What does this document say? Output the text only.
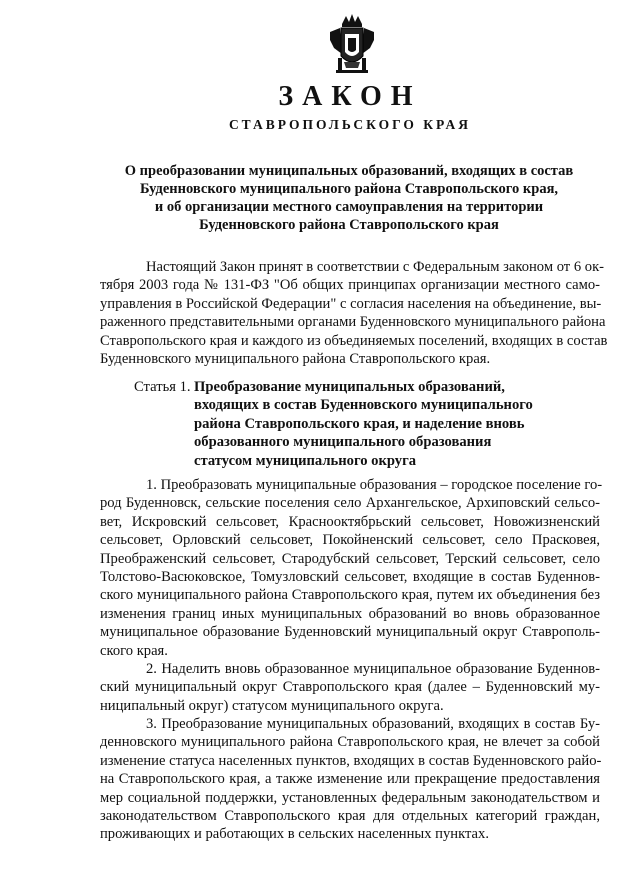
ЗАКОН
СТАВРОПОЛЬСКОГО КРАЯ
О преобразовании муниципальных образований, входящих в состав
Буденновского муниципального района Ставропольского края,
и об организации местного самоуправления на территории
Буденновского района Ставропольского края
Настоящий Закон принят в соответствии с Федеральным законом от 6 ок-
тября 2003 года № 131-ФЗ "Об общих принципах организации местного само-
управления в Российской Федерации" с согласия населения на объединение, вы-
раженного представительными органами Буденновского муниципального района
Ставропольского края и каждого из объединяемых поселений, входящих в состав
Буденновского муниципального района Ставропольского края.
Статья 1. Преобразование муниципальных образований,
входящих в состав Буденновского муниципального
района Ставропольского края, и наделение вновь
образованного муниципального образования
статусом муниципального округа
1. Преобразовать муниципальные образования – городское поселение го-
род Буденновск, сельские поселения село Архангельское, Архиповский сельсо-
вет, Искровский сельсовет, Краснооктябрьский сельсовет, Новожизненский
сельсовет, Орловский сельсовет, Покойненский сельсовет, село Прасковея,
Преображенский сельсовет, Стародубский сельсовет, Терский сельсовет, село
Толстово-Васюковское, Томузловский сельсовет, входящие в состав Буденнов-
ского муниципального района Ставропольского края, путем их объединения без
изменения границ иных муниципальных образований во вновь образованное
муниципальное образование Буденновский муниципальный округ Ставрополь-
ского края.
2. Наделить вновь образованное муниципальное образование Буденнов-
ский муниципальный округ Ставропольского края (далее – Буденновский му-
ниципальный округ) статусом муниципального округа.
3. Преобразование муниципальных образований, входящих в состав Бу-
денновского муниципального района Ставропольского края, не влечет за собой
изменение статуса населенных пунктов, входящих в состав Буденновского райо-
на Ставропольского края, а также изменение или прекращение предоставления
мер социальной поддержки, установленных федеральным законодательством и
законодательством Ставропольского края для отдельных категорий граждан,
проживающих и работающих в сельских населенных пунктах.
